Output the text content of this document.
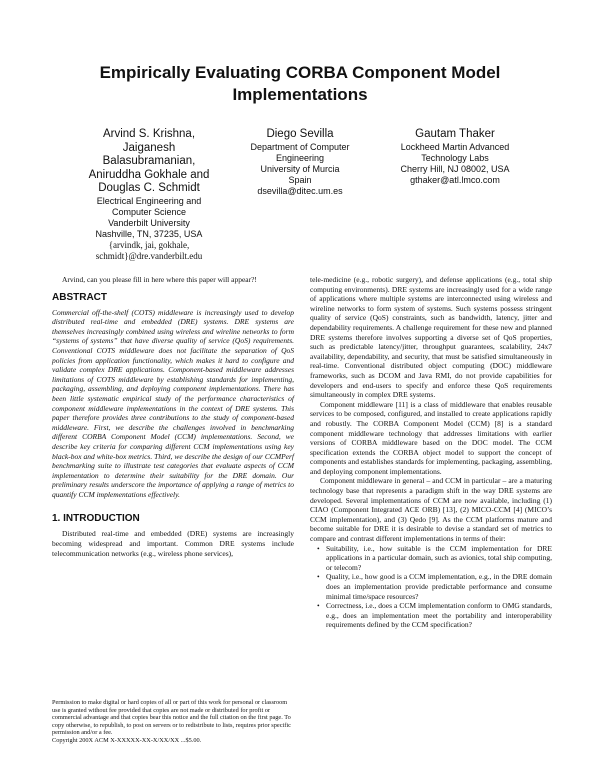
Empirically Evaluating CORBA Component Model Implementations
Arvind S. Krishna,
Jaiganesh
Balasubramanian,
Aniruddha Gokhale and
Douglas C. Schmidt
Electrical Engineering and
Computer Science
Vanderbilt University
Nashville, TN, 37235, USA
{arvindk, jai, gokhale,
schmidt}@dre.vanderbilt.edu
Diego Sevilla
Department of Computer
Engineering
University of Murcia
Spain
dsevilla@ditec.um.es
Gautam Thaker
Lockheed Martin Advanced
Technology Labs
Cherry Hill, NJ 08002, USA
gthaker@atl.lmco.com

Arvind, can you please fill in here where this paper will appear?!

ABSTRACT

Commercial off-the-shelf (COTS) middleware is increasingly used to develop distributed real-time and embedded (DRE) systems. DRE systems are themselves increasingly combined using wireless and wireline networks to form “systems of systems” that have diverse quality of service (QoS) requirements. Conventional COTS middleware does not facilitate the separation of QoS policies from application functionality, which makes it hard to configure and validate complex DRE applications. Component-based middleware addresses limitations of COTS middleware by establishing standards for implementing, packaging, assembling, and deploying component implementations. There has been little systematic empirical study of the performance characteristics of component middleware implementations in the context of DRE systems. This paper therefore provides three contributions to the study of component-based middleware. First, we describe the challenges involved in benchmarking different CORBA Component Model (CCM) implementations. Second, we describe key criteria for comparing different CCM implementations using key black-box and white-box metrics. Third, we describe the design of our CCMPerf benchmarking suite to illustrate test categories that evaluate aspects of CCM implementation to determine their suitability for the DRE domain. Our preliminary results underscore the importance of applying a range of metrics to quantify CCM implementations effectively.

1. INTRODUCTION

Distributed real-time and embedded (DRE) systems are increasingly becoming widespread and important. Common DRE systems include telecommunication networks (e.g., wireless phone services),

Permission to make digital or hard copies of all or part of this work for personal or classroom use is granted without fee provided that copies are not made or distributed for profit or commercial advantage and that copies bear this notice and the full citation on the first page. To copy otherwise, to republish, to post on servers or to redistribute to lists, requires prior specific permission and/or a fee.
Copyright 200X ACM X-XXXXX-XX-X/XX/XX ...$5.00.

tele-medicine (e.g., robotic surgery), and defense applications (e.g., total ship computing environments). DRE systems are increasingly used for a wide range of applications where multiple systems are interconnected using wireless and wireline networks to form system of systems. Such systems possess stringent quality of service (QoS) constraints, such as bandwidth, latency, jitter and dependability requirements. A challenge requirement for these new and planned DRE systems therefore involves supporting a diverse set of QoS properties, such as predictable latency/jitter, throughput guarantees, scalability, 24x7 availability, dependability, and security, that must be satisfied simultaneously in real-time. Conventional distributed object computing (DOC) middleware frameworks, such as DCOM and Java RMI, do not provide capabilities for developers and end-users to specify and enforce these QoS requirements simultaneously in complex DRE systems.

Component middleware [11] is a class of middleware that enables reusable services to be composed, configured, and installed to create applications rapidly and robustly. The CORBA Component Model (CCM) [8] is a standard component middleware technology that addresses limitations with earlier versions of CORBA middleware based on the DOC model. The CCM specification extends the CORBA object model to support the concept of components and establishes standards for implementing, packaging, assembling, and deploying component implementations.

Component middleware in general – and CCM in particular – are a maturing technology base that represents a paradigm shift in the way DRE systems are developed. Several implementations of CCM are now available, including (1) CIAO (Component Integrated ACE ORB) [13], (2) MICO-CCM [4] (MICO’s CCM implementation), and (3) Qedo [9]. As the CCM platforms mature and become suitable for DRE it is desirable to devise a standard set of metrics to compare and contrast different implementations in terms of their:

• Suitability, i.e., how suitable is the CCM implementation for DRE applications in a particular domain, such as avionics, total ship computing, or telecom?
• Quality, i.e., how good is a CCM implementation, e.g., in the DRE domain does an implementation provide predictable performance and consume minimal time/space resources?
• Correctness, i.e., does a CCM implementation conform to OMG standards, e.g., does an implementation meet the portability and interoperability requirements defined by the CCM specification?
